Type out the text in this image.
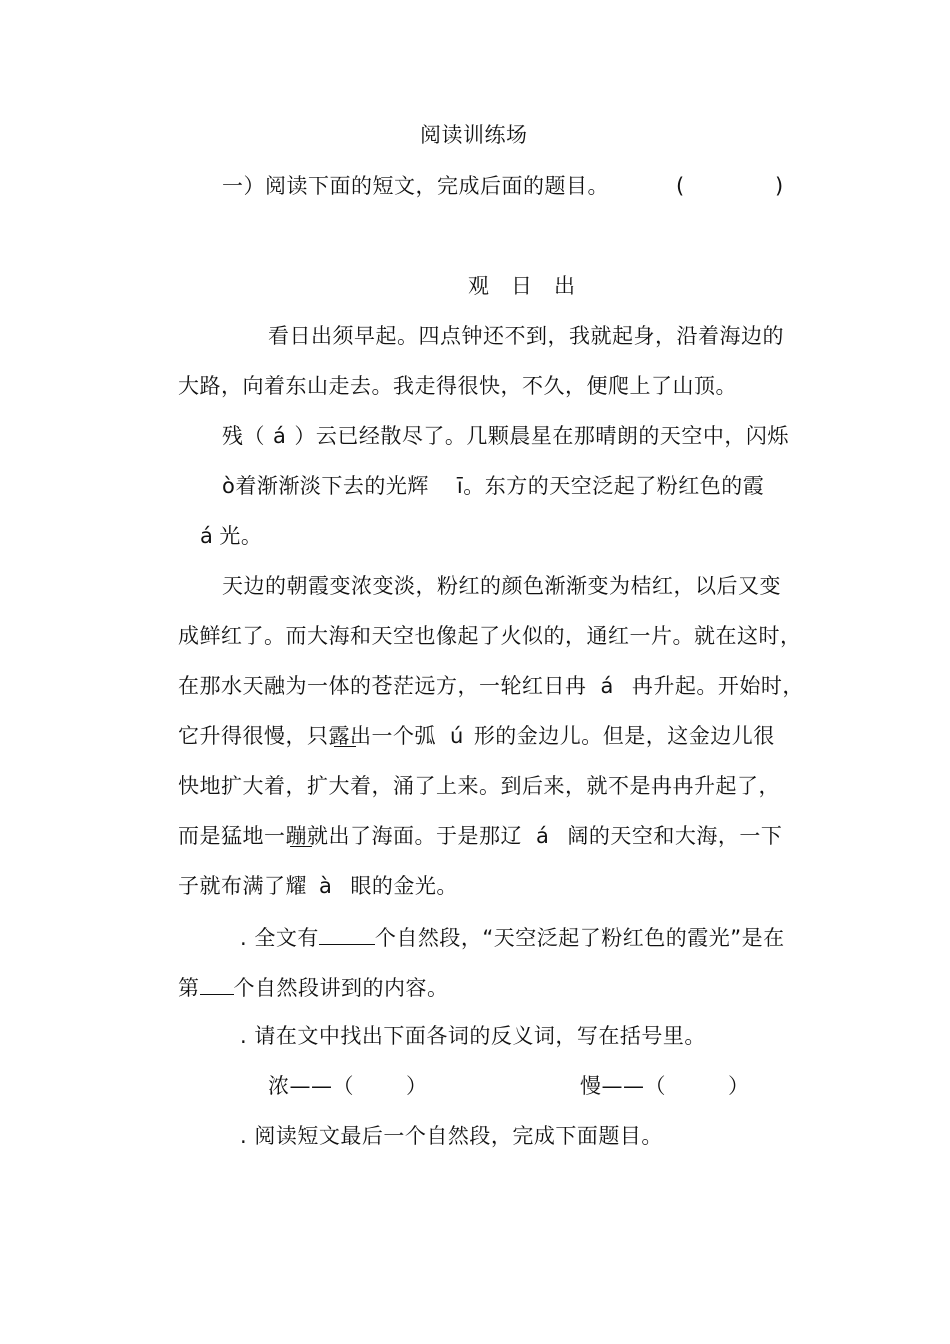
阅读训练场
一）阅读下面的短文，完成后面的题目。	(	)
观　日　出
看日出须早起。四点钟还不到，我就起身，沿着海边的
大路，向着东山走去。我走得很快，不久，便爬上了山顶。
残（ á ）云已经散尽了。几颗晨星在那晴朗的天空中，闪烁
ò着渐渐淡下去的光辉 ī。东方的天空泛起了粉红色的霞
á 光。
天边的朝霞变浓变淡，粉红的颜色渐渐变为桔红，以后又变
成鲜红了。而大海和天空也像起了火似的，通红一片。就在这时，
在那水天融为一体的苍茫远方，一轮红日冉 á 冉升起。开始时，
它升得很慢，只露出一个弧 ú 形的金边儿。但是，这金边儿很
快地扩大着，扩大着，涌了上来。到后来，就不是冉冉升起了，
而是猛地一蹦就出了海面。于是那辽 á 阔的天空和大海，一下
子就布满了耀 à 眼的金光。
. 全文有	个自然段，“天空泛起了粉红色的霞光”是在
第 个自然段讲到的内容。
. 请在文中找出下面各词的反义词，写在括号里。
浓——（ ）	慢——（	）
. 阅读短文最后一个自然段，完成下面题目。
